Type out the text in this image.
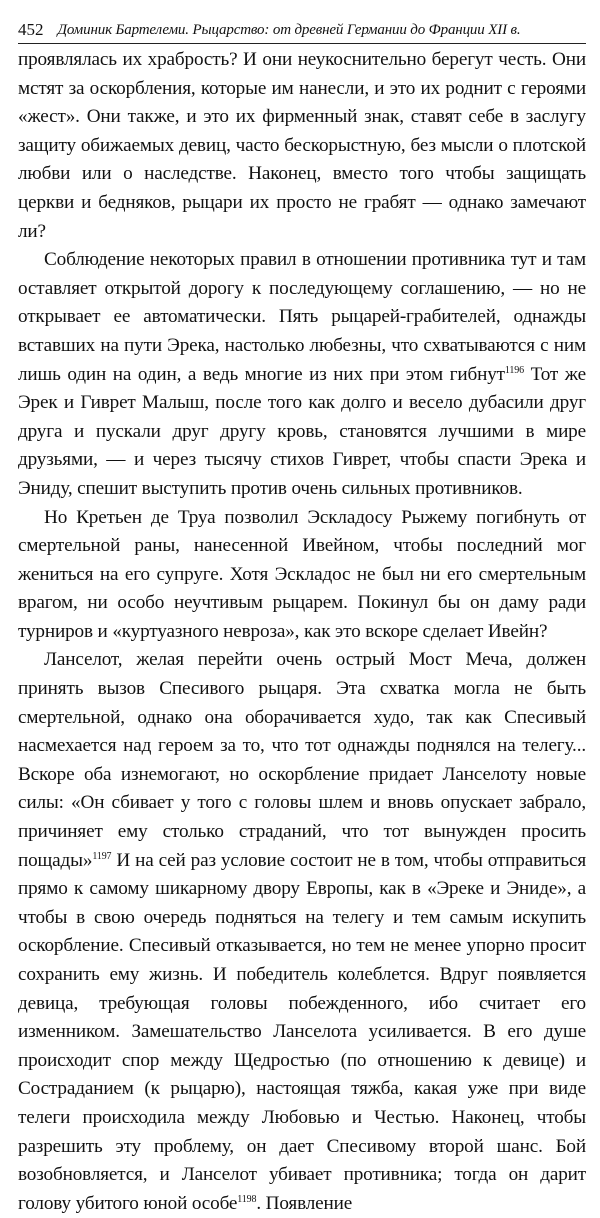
452 Доминик Бартелеми. Рыцарство: от древней Германии до Франции XII в.

проявлялась их храбрость? И они неукоснительно берегут честь. Они мстят за оскорбления, которые им нанесли, и это их роднит с героями «жест». Они также, и это их фирменный знак, ставят себе в заслугу защиту обижаемых девиц, часто бескорыстную, без мысли о плотской любви или о наследстве. Наконец, вместо того чтобы защищать церкви и бедняков, рыцари их просто не грабят — однако замечают ли?

Соблюдение некоторых правил в отношении противника тут и там оставляет открытой дорогу к последующему соглашению, — но не открывает ее автоматически. Пять рыцарей-грабителей, однажды вставших на пути Эрека, настолько любезны, что схватываются с ним лишь один на один, а ведь многие из них при этом гибнут$^{1196}$ Тот же Эрек и Гиврет Малыш, после того как долго и весело дубасили друг друга и пускали друг другу кровь, становятся лучшими в мире друзьями, — и через тысячу стихов Гиврет, чтобы спасти Эрека и Эниду, спешит выступить против очень сильных противников.

Но Кретьен де Труа позволил Эскладосу Рыжему погибнуть от смертельной раны, нанесенной Ивейном, чтобы последний мог жениться на его супруге. Хотя Эскладос не был ни его смертельным врагом, ни особо неучтивым рыцарем. Покинул бы он даму ради турниров и «куртуазного невроза», как это вскоре сделает Ивейн?

Ланселот, желая перейти очень острый Мост Меча, должен принять вызов Спесивого рыцаря. Эта схватка могла не быть смертельной, однако она оборачивается худо, так как Спесивый насмехается над героем за то, что тот однажды поднялся на телегу... Вскоре оба изнемогают, но оскорбление придает Ланселоту новые силы: «Он сбивает у того с головы шлем и вновь опускает забрало, причиняет ему столько страданий, что тот вынужден просить пощады»$^{1197}$ И на сей раз условие состоит не в том, чтобы отправиться прямо к самому шикарному двору Европы, как в «Эреке и Эниде», а чтобы в свою очередь подняться на телегу и тем самым искупить оскорбление. Спесивый отказывается, но тем не менее упорно просит сохранить ему жизнь. И победитель колеблется. Вдруг появляется девица, требующая головы побежденного, ибо считает его изменником. Замешательство Ланселота усиливается. В его душе происходит спор между Щедростью (по отношению к девице) и Состраданием (к рыцарю), настоящая тяжба, какая уже при виде телеги происходила между Любовью и Честью. Наконец, чтобы разрешить эту проблему, он дает Спесивому второй шанс. Бой возобновляется, и Ланселот убивает противника; тогда он дарит голову убитого юной особе$^{1198}$. Появление
